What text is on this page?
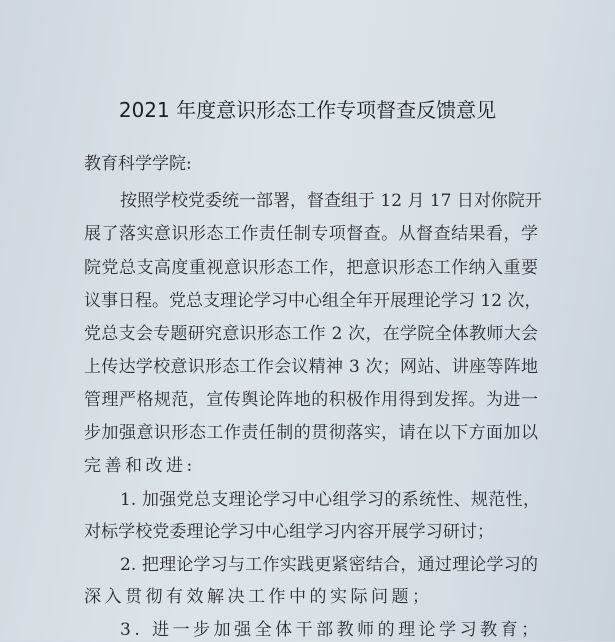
2021 年度意识形态工作专项督查反馈意见
教育科学学院:
按照学校党委统一部署，督查组于 12 月 17 日对你院开
展了落实意识形态工作责任制专项督查。从督查结果看，学
院党总支高度重视意识形态工作，把意识形态工作纳入重要
议事日程。党总支理论学习中心组全年开展理论学习 12 次，
党总支会专题研究意识形态工作 2 次，在学院全体教师大会
上传达学校意识形态工作会议精神 3 次；网站、讲座等阵地
管理严格规范，宣传舆论阵地的积极作用得到发挥。为进一
步加强意识形态工作责任制的贯彻落实，请在以下方面加以
完善和改进:
1. 加强党总支理论学习中心组学习的系统性、规范性，
对标学校党委理论学习中心组学习内容开展学习研讨；
2. 把理论学习与工作实践更紧密结合，通过理论学习的
深入贯彻有效解决工作中的实际问题；
3. 进一步加强全体干部教师的理论学习教育；
